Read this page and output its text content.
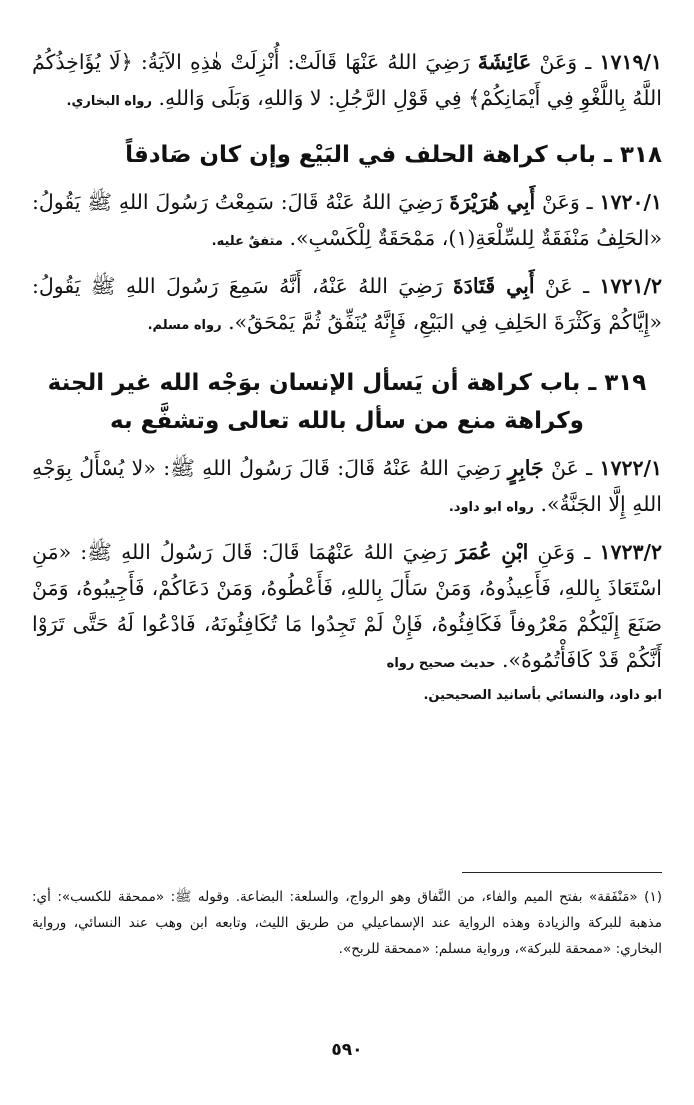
١٧١٩/١ ـ وَعَنْ عَائِشَةَ رَضِيَ اللهُ عَنْهَا قَالَتْ: أُنْزِلَتْ هٰذِهِ الآيَةُ: ﴿لَا يُؤَاخِذُكُمُ اللَّهُ بِاللَّغْوِ فِي أَيْمَانِكُمْ﴾ فِي قَوْلِ الرَّجُلِ: لا وَاللهِ، وَبَلَى وَاللهِ. رواه البخاري.

٣١٨ ـ باب كراهة الحلف في البَيْع وإن كان صَادقاً

١٧٢٠/١ ـ وَعَنْ أَبِي هُرَيْرَةَ رَضِيَ اللهُ عَنْهُ قَالَ: سَمِعْتُ رَسُولَ اللهِ ﷺ يَقُولُ: «الحَلِفُ مَنْفَقَةٌ لِلسِّلْعَةِ(١)، مَمْحَقَةٌ لِلْكَسْبِ». متفقٌ عليه.

١٧٢١/٢ ـ عَنْ أَبِي قَتَادَةَ رَضِيَ اللهُ عَنْهُ، أَنَّهُ سَمِعَ رَسُولَ اللهِ ﷺ يَقُولُ: «إِيَّاكُمْ وَكَثْرَةَ الحَلِفِ فِي البَيْعِ، فَإِنَّهُ يُنَفِّقُ ثُمَّ يَمْحَقُ». رواه مسلم.

٣١٩ ـ باب كراهة أن يَسأل الإنسان بوَجْه الله غير الجنة وكراهة منع من سأل بالله تعالى وتشفَّع به

١٧٢٢/١ ـ عَنْ جَابِرٍ رَضِيَ اللهُ عَنْهُ قَالَ: قَالَ رَسُولُ اللهِ ﷺ: «لا يُسْأَلُ بِوَجْهِ اللهِ إِلَّا الجَنَّةُ». رواه ابو داود.

١٧٢٣/٢ ـ وَعَنِ ابْنِ عُمَرَ رَضِيَ اللهُ عَنْهُمَا قَالَ: قَالَ رَسُولُ اللهِ ﷺ: «مَنِ اسْتَعَاذَ بِاللهِ، فَأَعِيذُوهُ، وَمَنْ سَأَلَ بِاللهِ، فَأَعْطُوهُ، وَمَنْ دَعَاكُمْ، فَأَجِيبُوهُ، وَمَنْ صَنَعَ إِلَيْكُمْ مَعْرُوفاً فَكَافِئُوهُ، فَإِنْ لَمْ تَجِدُوا مَا تُكَافِئُونَهُ، فَادْعُوا لَهُ حَتَّى تَرَوْا أَنَّكُمْ قَدْ كَافَأْتُمُوهُ». حديث صحيح رواه

ابو داود، والنسائي بأسانيد الصحيحين.

(١) «مَنْفَقة» بفتح الميم والفاء، من النَّفاق وهو الرواج، والسلعة: البضاعة. وقوله ﷺ: «ممحقة للكسب»: أي: مذهبة للبركة والزيادة وهذه الرواية عند الإسماعيلي من طريق الليث، وتابعه ابن وهب عند النسائي، ورواية البخاري: «ممحقة للبركة»، ورواية مسلم: «ممحقة للربح».

٥٩٠
